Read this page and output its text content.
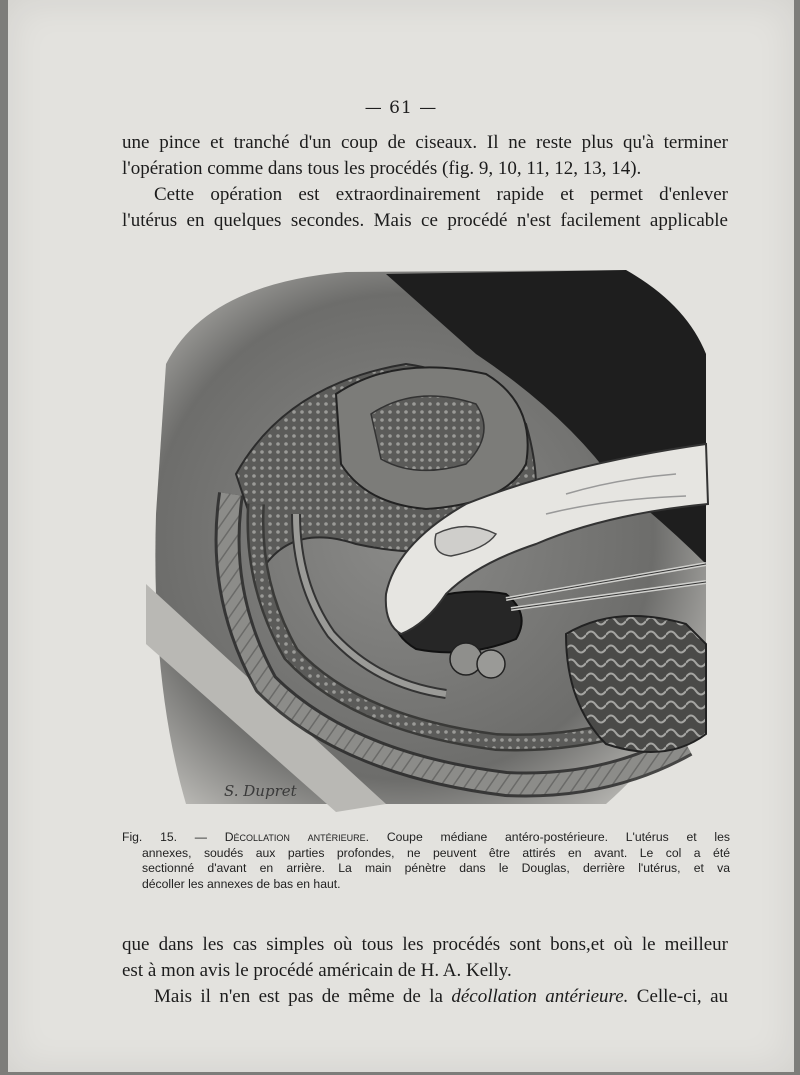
— 61 —

une pince et tranché d'un coup de ciseaux. Il ne reste plus qu'à terminer
l'opération comme dans tous les procédés (fig. 9, 10, 11, 12, 13, 14).

Cette opération est extraordinairement rapide et permet d'enlever
l'utérus en quelques secondes. Mais ce procédé n'est facilement applicable

S. Dupret
Fig. 15. — Décollation antérieure. Coupe médiane antéro-postérieure. L'utérus et les
annexes, soudés aux parties profondes, ne peuvent être attirés en avant. Le col a été
sectionné d'avant en arrière. La main pénètre dans le Douglas, derrière l'utérus, et va
décoller les annexes de bas en haut.

que dans les cas simples où tous les procédés sont bons,et où le meilleur
est à mon avis le procédé américain de H. A. Kelly.

Mais il n'en est pas de même de la décollation antérieure. Celle-ci, au
